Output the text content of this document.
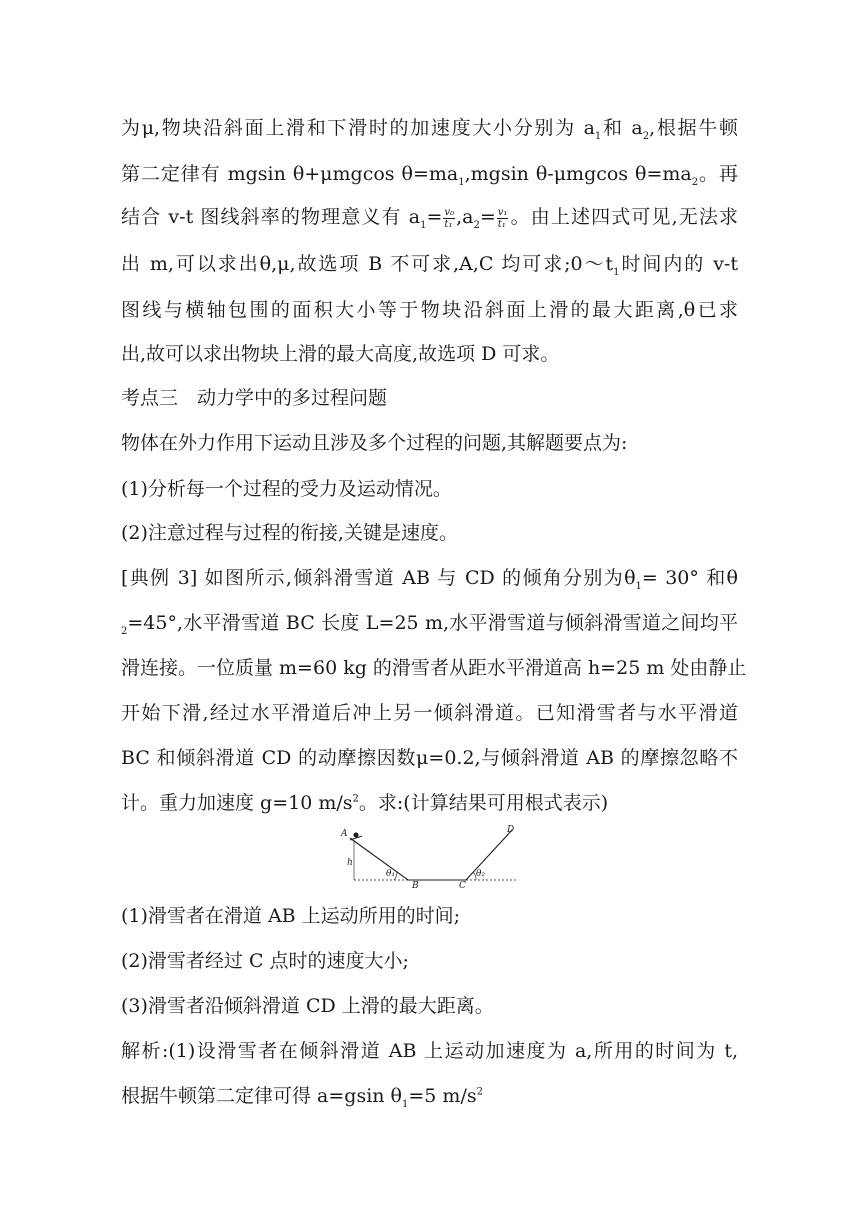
为μ,物块沿斜面上滑和下滑时的加速度大小分别为 $a_1$和 $a_2$,根据牛顿
第二定律有 mgsin θ+μmgcos $\theta=ma_1,mgsin$ θ-μmgcos $\theta=ma_2$。再
结合 v-t 图线斜率的物理意义有 $a_1= \frac{\text{v₀}}{\text{t₁}} ,a_2= \frac{\text{v₁}}{\text{t₁}}$ 。由上述四式可见,无法求
出 m,可以求出θ,μ,故选项 B 不可求,A,C 均可求$;0\sim t_1$时间内的 v-t
图线与横轴包围的面积大小等于物块沿斜面上滑的最大距离,θ已求
出,故可以求出物块上滑的最大高度,故选项 D 可求。
考点三　动力学中的多过程问题
物体在外力作用下运动且涉及多个过程的问题,其解题要点为:
(1)分析每一个过程的受力及运动情况。
(2)注意过程与过程的衔接,关键是速度。
[典例 3] 如图所示,倾斜滑雪道 AB 与 CD 的倾角分别为$\theta_1= 30^\circ$ 和θ
$_2$=45°,水平滑雪道 BC 长度 L=25 m,水平滑雪道与倾斜滑雪道之间均平
滑连接。一位质量 m=60 kg 的滑雪者从距水平滑道高 h=25 m 处由静止
开始下滑,经过水平滑道后冲上另一倾斜滑道。已知滑雪者与水平滑道
BC 和倾斜滑道 CD 的动摩擦因数μ=0.2,与倾斜滑道 AB 的摩擦忽略不
计。重力加速度 g=10 $m/s^2$。求:(计算结果可用根式表示)
A
h
B	C
D
θ₁	θ₂
(1)滑雪者在滑道 AB 上运动所用的时间;
(2)滑雪者经过 C 点时的速度大小;
(3)滑雪者沿倾斜滑道 CD 上滑的最大距离。
解析:(1)设滑雪者在倾斜滑道 AB 上运动加速度为 a,所用的时间为 t,
根据牛顿第二定律可得 a=gsin $\theta_1=5$ $m/s^2$
